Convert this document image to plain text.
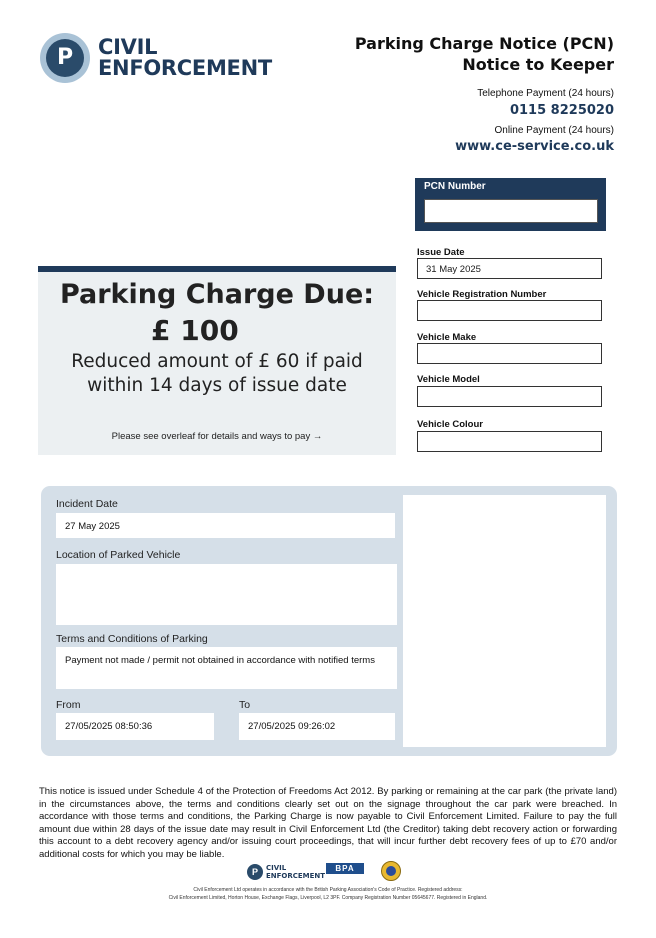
P	CIVIL
ENFORCEMENT
Parking Charge Notice (PCN)
Notice to Keeper
Telephone Payment (24 hours)
0115 8225020
Online Payment (24 hours)
www.ce-service.co.uk
PCN Number
Issue Date
31 May 2025
Vehicle Registration Number
Vehicle Make
Vehicle Model
Vehicle Colour
Parking Charge Due:
£ 100
Reduced amount of £ 60 if paid
within 14 days of issue date
Please see overleaf for details and ways to pay →
Incident Date
27 May 2025
Location of Parked Vehicle
Terms and Conditions of Parking
Payment not made / permit not obtained in accordance with notified terms
From
27/05/2025 08:50:36
To
27/05/2025 09:26:02
This notice is issued under Schedule 4 of the Protection of Freedoms Act 2012. By parking or remaining at the car park (the private land) in the circumstances above, the terms and conditions clearly set out on the signage throughout the car park were breached. In accordance with those terms and conditions, the Parking Charge is now payable to Civil Enforcement Limited. Failure to pay the full amount due within 28 days of the issue date may result in Civil Enforcement Ltd (the Creditor) taking debt recovery action or forwarding this account to a debt recovery agency and/or issuing court proceedings, that will incur further debt recovery fees of up to £70 and/or additional costs for which you may be liable.
P	CIVIL
ENFORCEMENT
BPA
Civil Enforcement Ltd operates in accordance with the British Parking Association's Code of Practice. Registered address:
Civil Enforcement Limited, Horton House, Exchange Flags, Liverpool, L2 3PF. Company Registration Number 05645677. Registered in England.
